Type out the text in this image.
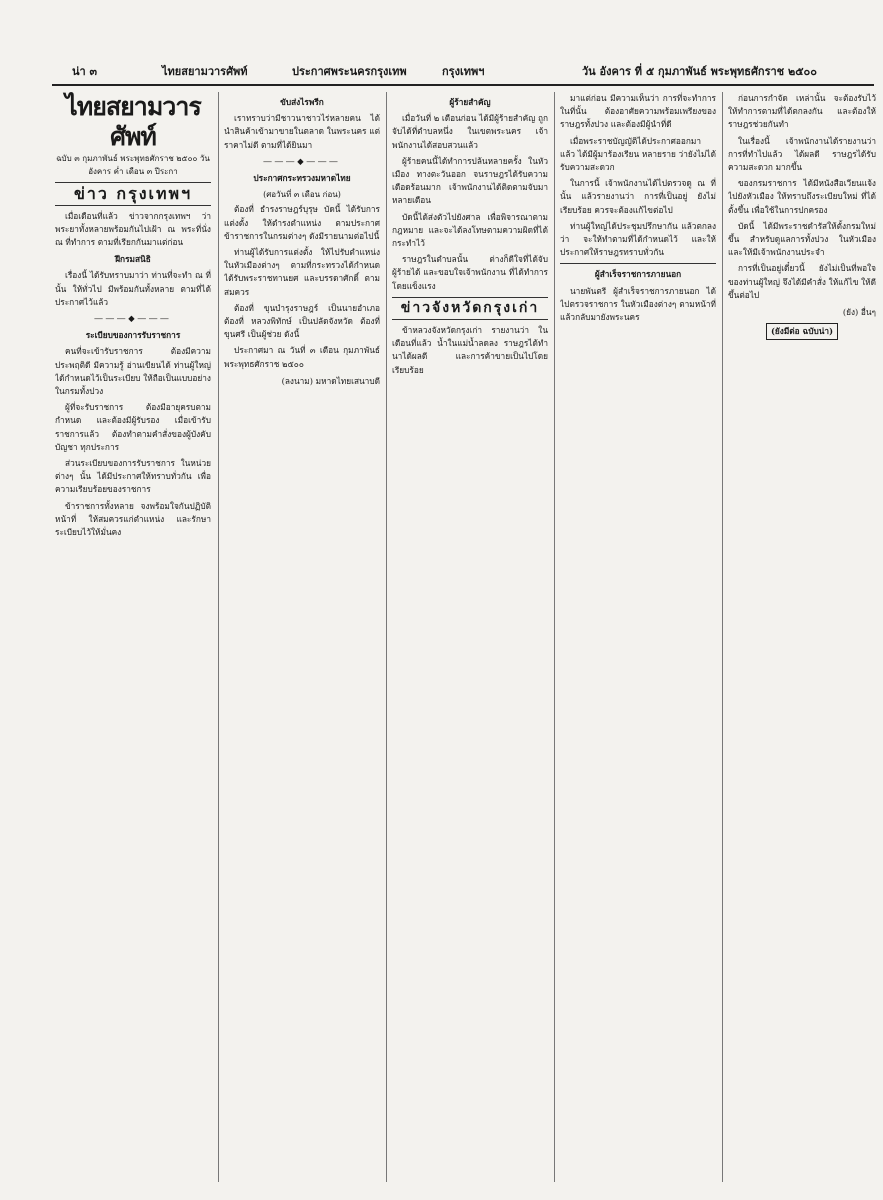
น่า ๓	ไทยสยามวารศัพท์	ประกาศพระนครกรุงเทพ	กรุงเทพฯ	วัน อังคาร ที่ ๕ กุมภาพันธ์ พระพุทธศักราช ๒๕๐๐
ไทยสยามวารศัพท์
ฉบับ ๓ กุมภาพันธ์ พระพุทธศักราช ๒๕๐๐ วัน อังคาร ค่ำ เดือน ๓ ปีระกา
ข่าว กรุงเทพฯ

เมื่อเดือนที่แล้ว ข่าวจากกรุงเทพฯ ว่า พระยาทั้งหลายพร้อมกันไปเฝ้า ณ พระที่นั่ง ณ ที่ทำการ ตามที่เรียกกันมาแต่ก่อน

ฝีกรมสนิธิ

เรื่องนี้ ได้รับทราบมาว่า ท่านที่จะทำ ณ ที่นั้น ให้ทั่วไป มีพร้อมกันทั้งหลาย ตามที่ได้ประกาศไว้แล้ว

―――◆―――
ระเบียบของการรับราชการ

คนที่จะเข้ารับราชการ ต้องมีความประพฤติดี มีความรู้ อ่านเขียนได้ ท่านผู้ใหญ่ได้กำหนดไว้เป็นระเบียบ ให้ถือเป็นแบบอย่าง ในกรมทั้งปวง

ผู้ที่จะรับราชการ ต้องมีอายุครบตามกำหนด และต้องมีผู้รับรอง เมื่อเข้ารับราชการแล้ว ต้องทำตามคำสั่งของผู้บังคับบัญชา ทุกประการ

ส่วนระเบียบของการรับราชการ ในหน่วยต่างๆ นั้น ได้มีประกาศให้ทราบทั่วกัน เพื่อความเรียบร้อยของราชการ

ข้าราชการทั้งหลาย จงพร้อมใจกันปฏิบัติหน้าที่ ให้สมควรแก่ตำแหน่ง และรักษาระเบียบไว้ให้มั่นคง

ขับส่งไรพรีก

เราทราบว่ามีชาวนาชาวไร่หลายคน ได้นำสินค้าเข้ามาขายในตลาด ในพระนคร แต่ราคาไม่ดี ตามที่ได้ยินมา

―――◆―――
ประกาศกระทรวงมหาดไทย
(ศอวันที่ ๓ เดือน ก่อน)

ต้องที่ ธำรงราษฎร์บุรุษ บัดนี้ ได้รับการแต่งตั้ง ให้ดำรงตำแหน่ง ตามประกาศ ข้าราชการในกรมต่างๆ ดังมีรายนามต่อไปนี้

ท่านผู้ได้รับการแต่งตั้ง ให้ไปรับตำแหน่ง ในหัวเมืองต่างๆ ตามที่กระทรวงได้กำหนด ได้รับพระราชทานยศ และบรรดาศักดิ์ ตามสมควร

ต้องที่ ขุนบำรุงราษฎร์ เป็นนายอำเภอ ต้องที่ หลวงพิทักษ์ เป็นปลัดจังหวัด ต้องที่ ขุนศรี เป็นผู้ช่วย ดังนี้

ประกาศมา ณ วันที่ ๓ เดือน กุมภาพันธ์ พระพุทธศักราช ๒๕๐๐

(ลงนาม) มหาดไทยเสนาบดี
ผู้ร้ายสำคัญ

เมื่อวันที่ ๒ เดือนก่อน ได้มีผู้ร้ายสำคัญ ถูกจับได้ที่ตำบลหนึ่ง ในเขตพระนคร เจ้าพนักงานได้สอบสวนแล้ว

ผู้ร้ายคนนี้ได้ทำการปล้นหลายครั้ง ในหัวเมือง ทางตะวันออก จนราษฎรได้รับความเดือดร้อนมาก เจ้าพนักงานได้ติดตามจับมาหลายเดือน

บัดนี้ได้ส่งตัวไปยังศาล เพื่อพิจารณาตามกฎหมาย และจะได้ลงโทษตามความผิดที่ได้กระทำไว้

ราษฎรในตำบลนั้น ต่างก็ดีใจที่ได้จับผู้ร้ายได้ และขอบใจเจ้าพนักงาน ที่ได้ทำการโดยแข็งแรง

ข่าวจังหวัดกรุงเก่า

ข้าหลวงจังหวัดกรุงเก่า รายงานว่า ในเดือนที่แล้ว น้ำในแม่น้ำลดลง ราษฎรได้ทำนาได้ผลดี และการค้าขายเป็นไปโดยเรียบร้อย

มาแต่ก่อน มีความเห็นว่า การที่จะทำการในที่นั้น ต้องอาศัยความพร้อมเพรียงของราษฎรทั้งปวง และต้องมีผู้นำที่ดี

เมื่อพระราชบัญญัติได้ประกาศออกมาแล้ว ได้มีผู้มาร้องเรียน หลายราย ว่ายังไม่ได้รับความสะดวก

ในการนี้ เจ้าพนักงานได้ไปตรวจดู ณ ที่นั้น แล้วรายงานว่า การที่เป็นอยู่ ยังไม่เรียบร้อย ควรจะต้องแก้ไขต่อไป

ท่านผู้ใหญ่ได้ประชุมปรึกษากัน แล้วตกลงว่า จะให้ทำตามที่ได้กำหนดไว้ และให้ประกาศให้ราษฎรทราบทั่วกัน

ผู้สำเร็จราชการภายนอก

นายพันตรี ผู้สำเร็จราชการภายนอก ได้ไปตรวจราชการ ในหัวเมืองต่างๆ ตามหน้าที่ แล้วกลับมายังพระนคร

ก่อนการกำจัด เหล่านั้น จะต้องรับไว้ ให้ทำการตามที่ได้ตกลงกัน และต้องให้ราษฎรช่วยกันทำ

ในเรื่องนี้ เจ้าพนักงานได้รายงานว่า การที่ทำไปแล้ว ได้ผลดี ราษฎรได้รับความสะดวก มากขึ้น

ของกรมราชการ ได้มีหนังสือเวียนแจ้งไปยังหัวเมือง ให้ทราบถึงระเบียบใหม่ ที่ได้ตั้งขึ้น เพื่อใช้ในการปกครอง

บัดนี้ ได้มีพระราชดำรัสให้ตั้งกรมใหม่ขึ้น สำหรับดูแลการทั้งปวง ในหัวเมือง และให้มีเจ้าพนักงานประจำ

การที่เป็นอยู่เดี๋ยวนี้ ยังไม่เป็นที่พอใจ ของท่านผู้ใหญ่ จึงได้มีคำสั่ง ให้แก้ไข ให้ดีขึ้นต่อไป

(ยัง) อื่นๆ
(ยังมีต่อ ฉบับน่า)
